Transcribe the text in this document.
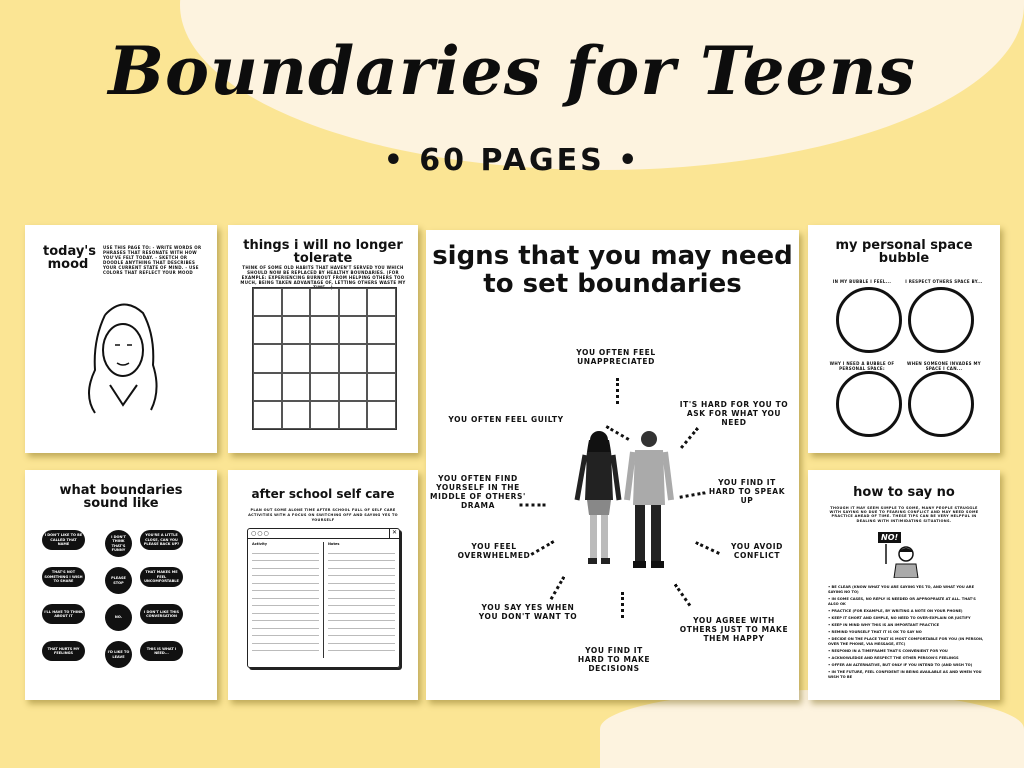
Boundaries for Teens
• 60 PAGES •
today's mood
USE THIS PAGE TO: - WRITE WORDS OR PHRASES THAT RESONATE WITH HOW YOU'VE FELT TODAY. - SKETCH OR DOODLE ANYTHING THAT DESCRIBES YOUR CURRENT STATE OF MIND. - USE COLORS THAT REFLECT YOUR MOOD
things i will no longer tolerate
THINK OF SOME OLD HABITS THAT HAVEN'T SERVED YOU WHICH SHOULD NOW BE REPLACED BY HEALTHY BOUNDARIES. (FOR EXAMPLE: EXPERIENCING BURNOUT FROM HELPING OTHERS TOO MUCH, BEING TAKEN ADVANTAGE OF, LETTING OTHERS WASTE MY TIME...)
my personal space bubble
IN MY BUBBLE I FEEL...	I RESPECT OTHERS SPACE BY...
WHY I NEED A BUBBLE OF PERSONAL SPACE:
WHEN SOMEONE INVADES MY SPACE I CAN...
what boundaries sound like
I DON'T LIKE TO BE CALLED THAT NAME
I DON'T THINK THAT'S FUNNY
YOU'RE A LITTLE CLOSE, CAN YOU PLEASE BACK UP?
THAT'S NOT SOMETHING I WISH TO SHARE
PLEASE STOP
THAT MAKES ME FEEL UNCOMFORTABLE
I'LL HAVE TO THINK ABOUT IT	NO.
I DON'T LIKE THIS CONVERSATION
THAT HURTS MY FEELINGS	I'D LIKE TO LEAVE
THIS IS WHAT I NEED...
after school self care
PLAN OUT SOME ALONE TIME AFTER SCHOOL FULL OF SELF CARE ACTIVITIES WITH A FOCUS ON SWITCHING OFF AND SAYING YES TO YOURSELF
○○○	✕
Activity	Notes
signs that you may need to set boundaries
YOU OFTEN FEEL UNAPPRECIATED
IT'S HARD FOR YOU TO ASK FOR WHAT YOU NEED
YOU OFTEN FEEL GUILTY
YOU FIND IT HARD TO SPEAK UP
YOU OFTEN FIND YOURSELF IN THE MIDDLE OF OTHERS' DRAMA
YOU FEEL OVERWHELMED
YOU AVOID CONFLICT
YOU SAY YES WHEN YOU DON'T WANT TO	YOU AGREE WITH OTHERS JUST TO MAKE THEM HAPPY
YOU FIND IT HARD TO MAKE DECISIONS
how to say no
THOUGH IT MAY SEEM SIMPLE TO SOME, MANY PEOPLE STRUGGLE WITH SAYING NO DUE TO FEARING CONFLICT AND MAY NEED SOME PRACTICE AHEAD OF TIME. THESE TIPS CAN BE VERY HELPFUL IN DEALING WITH INTIMIDATING SITUATIONS.
NO!
• BE CLEAR (KNOW WHAT YOU ARE SAYING YES TO, AND WHAT YOU ARE SAYING NO TO)
• IN SOME CASES, NO REPLY IS NEEDED OR APPROPRIATE AT ALL. THAT'S ALSO OK
• PRACTICE (FOR EXAMPLE, BY WRITING A NOTE ON YOUR PHONE)
• KEEP IT SHORT AND SIMPLE, NO NEED TO OVER-EXPLAIN OR JUSTIFY
• KEEP IN MIND WHY THIS IS AN IMPORTANT PRACTICE
• REMIND YOURSELF THAT IT IS OK TO SAY NO
• DECIDE ON THE PLACE THAT IS MOST COMFORTABLE FOR YOU (IN PERSON, OVER THE PHONE, VIA MESSAGE, ETC)
• RESPOND IN A TIMEFRAME THAT'S CONVENIENT FOR YOU
• ACKNOWLEDGE AND RESPECT THE OTHER PERSON'S FEELINGS
• OFFER AN ALTERNATIVE, BUT ONLY IF YOU INTEND TO (AND WISH TO)
• IN THE FUTURE, FEEL CONFIDENT IN BEING AVAILABLE AS AND WHEN YOU WISH TO BE
